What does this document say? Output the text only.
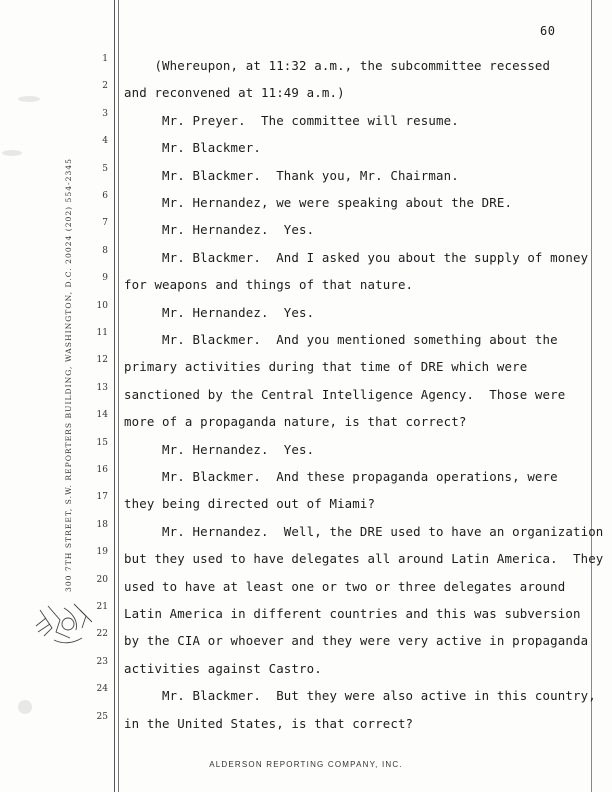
60
300 7TH STREET, S.W. REPORTERS BUILDING, WASHINGTON, D.C. 20024 (202) 554-2345
1 (Whereupon, at 11:32 a.m., the subcommittee recessed
2 and reconvened at 11:49 a.m.)
3 Mr. Preyer.  The committee will resume.
4 Mr. Blackmer.
5 Mr. Blackmer.  Thank you, Mr. Chairman.
6 Mr. Hernandez, we were speaking about the DRE.
7 Mr. Hernandez.  Yes.
8 Mr. Blackmer.  And I asked you about the supply of money
9 for weapons and things of that nature.
10 Mr. Hernandez.  Yes.
11 Mr. Blackmer.  And you mentioned something about the
12 primary activities during that time of DRE which were
13 sanctioned by the Central Intelligence Agency.  Those were
14 more of a propaganda nature, is that correct?
15 Mr. Hernandez.  Yes.
16 Mr. Blackmer.  And these propaganda operations, were
17 they being directed out of Miami?
18 Mr. Hernandez.  Well, the DRE used to have an organization
19 but they used to have delegates all around Latin America.  They
20 used to have at least one or two or three delegates around
21 Latin America in different countries and this was subversion
22 by the CIA or whoever and they were very active in propaganda
23 activities against Castro.
24 Mr. Blackmer.  But they were also active in this country,
25 in the United States, is that correct?
ALDERSON REPORTING COMPANY, INC.
